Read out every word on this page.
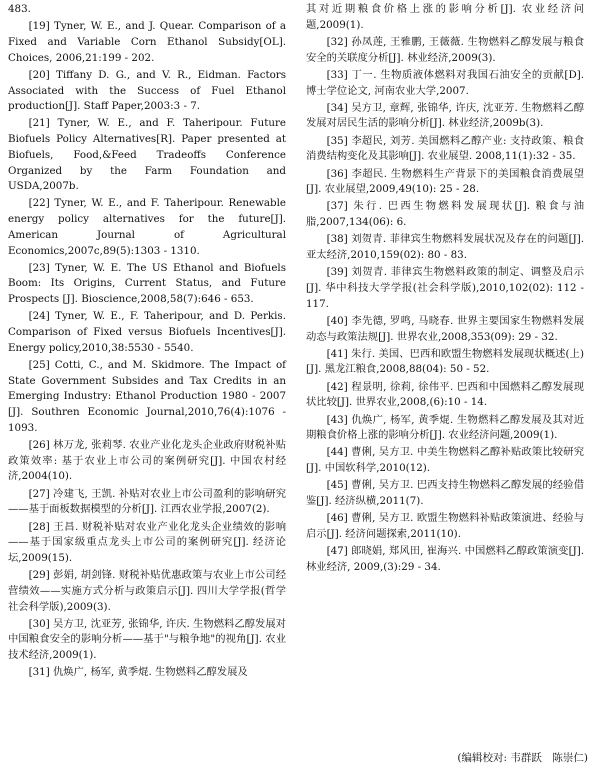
483.

[19] Tyner, W. E., and J. Quear. Comparison of a Fixed and Variable Corn Ethanol Subsidy[OL]. Choices, 2006,21:199 - 202.

[20] Tiffany D. G., and V. R., Eidman. Factors Associated with the Success of Fuel Ethanol production[J]. Staff Paper,2003:3 - 7.

[21] Tyner, W. E., and F. Taheripour. Future Biofuels Policy Alternatives[R]. Paper presented at Biofuels, Food,&Feed Tradeoffs Conference Organized by the Farm Foundation and USDA,2007b.

[22] Tyner, W. E., and F. Taheripour. Renewable energy policy alternatives for the future[J]. American Journal of Agricultural Economics,2007c,89(5):1303 - 1310.

[23] Tyner, W. E. The US Ethanol and Biofuels Boom: Its Origins, Current Status, and Future Prospects [J]. Bioscience,2008,58(7):646 - 653.

[24] Tyner, W. E., F. Taheripour, and D. Perkis. Comparison of Fixed versus Biofuels Incentives[J]. Energy policy,2010,38:5530 - 5540.

[25] Cotti, C., and M. Skidmore. The Impact of State Government Subsides and Tax Credits in an Emerging Industry: Ethanol Production 1980 - 2007 [J]. Southren Economic Journal,2010,76(4):1076 - 1093.

[26] 林万龙, 张莉琴. 农业产业化龙头企业政府财税补贴政策效率: 基于农业上市公司的案例研究[J]. 中国农村经济,2004(10).

[27] 冷建飞, 王凯. 补贴对农业上市公司盈利的影响研究——基于面板数据模型的分析[J]. 江西农业学报,2007(2).

[28] 王昌. 财税补贴对农业产业化龙头企业绩效的影响——基于国家级重点龙头上市公司的案例研究[J]. 经济论坛,2009(15).

[29] 彭娟, 胡剑锋. 财税补贴优惠政策与农业上市公司经营绩效——实施方式分析与政策启示[J]. 四川大学学报(哲学社会科学版),2009(3).

[30] 吴方卫, 沈亚芳, 张锦华, 许庆. 生物燃料乙醇发展对中国粮食安全的影响分析——基于"与粮争地"的视角[J]. 农业技术经济,2009(1).

[31] 仇焕广, 杨军, 黄季焜. 生物燃料乙醇发展及

其对近期粮食价格上涨的影响分析[J]. 农业经济问题,2009(1).

[32] 孙凤莲, 王雅鹏, 王薇薇. 生物燃料乙醇发展与粮食安全的关联度分析[J]. 林业经济,2009(3).

[33] 丁一. 生物质液体燃料对我国石油安全的贡献[D]. 博士学位论文, 河南农业大学,2007.

[34] 吴方卫, 章辉, 张锦华, 许庆, 沈亚芳. 生物燃料乙醇发展对居民生活的影响分析[J]. 林业经济,2009b(3).

[35] 李超民, 刘芳. 美国燃料乙醇产业: 支持政策、粮食消费结构变化及其影响[J]. 农业展望. 2008,11(1):32 - 35.

[36] 李超民. 生物燃料生产背景下的美国粮食消费展望[J]. 农业展望,2009,49(10): 25 - 28.

[37] 朱行. 巴西生物燃料发展现状[J]. 粮食与油脂,2007,134(06): 6.

[38] 刘贺青. 菲律宾生物燃料发展状况及存在的问题[J]. 亚太经济,2010,159(02): 80 - 83.

[39] 刘贺青. 菲律宾生物燃料政策的制定、调整及启示[J]. 华中科技大学学报(社会科学版),2010,102(02): 112 - 117.

[40] 李先德, 罗鸣, 马晓春. 世界主要国家生物燃料发展动态与政策法规[J]. 世界农业,2008,353(09): 29 - 32.

[41] 朱行. 美国、巴西和欧盟生物燃料发展现状概述(上)[J]. 黑龙江粮食,2008,88(04): 50 - 52.

[42] 程景明, 徐莉, 徐伟平. 巴西和中国燃料乙醇发展现状比较[J]. 世界农业,2008,(6):10 - 14.

[43] 仇焕广, 杨军, 黄季焜. 生物燃料乙醇发展及其对近期粮食价格上涨的影响分析[J]. 农业经济问题,2009(1).

[44] 曹俐, 吴方卫. 中美生物燃料乙醇补贴政策比较研究[J]. 中国软科学,2010(12).

[45] 曹俐, 吴方卫. 巴西支持生物燃料乙醇发展的经验借鉴[J]. 经济纵横,2011(7).

[46] 曹俐, 吴方卫. 欧盟生物燃料补贴政策演进、经验与启示[J]. 经济问题探索,2011(10).

[47] 郎晓娟, 郑风田, 崔海兴. 中国燃料乙醇政策演变[J]. 林业经济, 2009,(3):29 - 34.

(编辑校对: 韦群跃　陈崇仁)
